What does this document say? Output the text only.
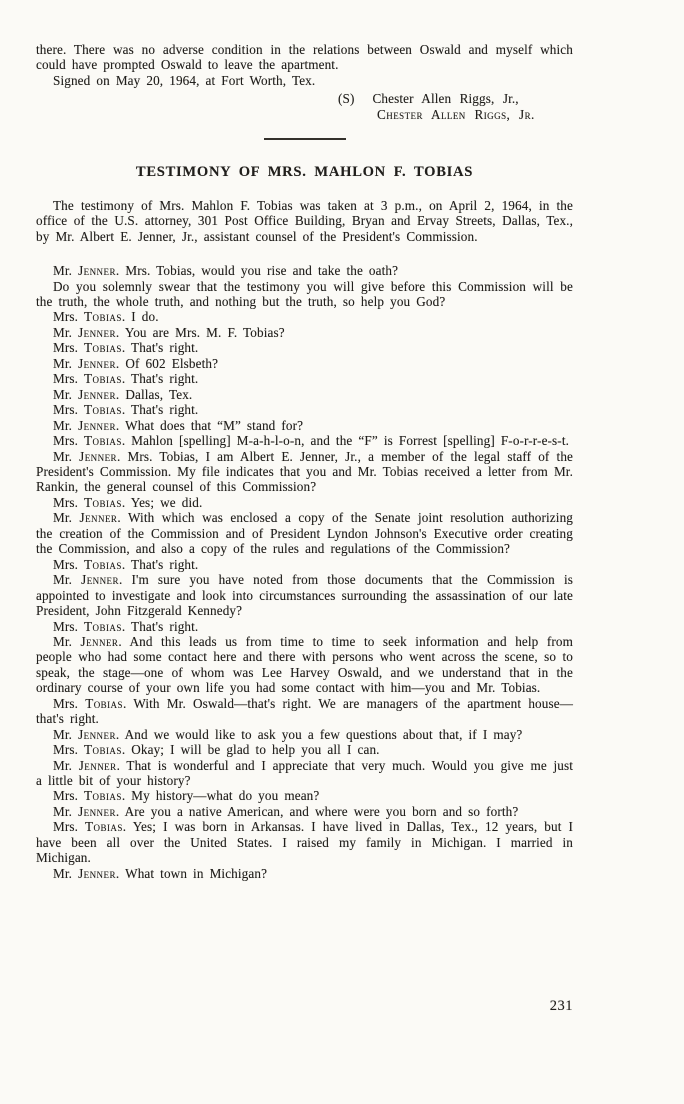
there. There was no adverse condition in the relations between Oswald and myself which could have prompted Oswald to leave the apartment.

Signed on May 20, 1964, at Fort Worth, Tex.

(S) Chester Allen Riggs, Jr.,
Chester Allen Riggs, Jr.

TESTIMONY OF MRS. MAHLON F. TOBIAS

The testimony of Mrs. Mahlon F. Tobias was taken at 3 p.m., on April 2, 1964, in the office of the U.S. attorney, 301 Post Office Building, Bryan and Ervay Streets, Dallas, Tex., by Mr. Albert E. Jenner, Jr., assistant counsel of the President's Commission.

Mr. Jenner. Mrs. Tobias, would you rise and take the oath?

Do you solemnly swear that the testimony you will give before this Commission will be the truth, the whole truth, and nothing but the truth, so help you God?

Mrs. Tobias. I do.

Mr. Jenner. You are Mrs. M. F. Tobias?

Mrs. Tobias. That's right.

Mr. Jenner. Of 602 Elsbeth?

Mrs. Tobias. That's right.

Mr. Jenner. Dallas, Tex.

Mrs. Tobias. That's right.

Mr. Jenner. What does that “M” stand for?

Mrs. Tobias. Mahlon [spelling] M-a-h-l-o-n, and the “F” is Forrest [spelling] F-o-r-r-e-s-t.

Mr. Jenner. Mrs. Tobias, I am Albert E. Jenner, Jr., a member of the legal staff of the President's Commission. My file indicates that you and Mr. Tobias received a letter from Mr. Rankin, the general counsel of this Commission?

Mrs. Tobias. Yes; we did.

Mr. Jenner. With which was enclosed a copy of the Senate joint resolution authorizing the creation of the Commission and of President Lyndon Johnson's Executive order creating the Commission, and also a copy of the rules and regulations of the Commission?

Mrs. Tobias. That's right.

Mr. Jenner. I'm sure you have noted from those documents that the Commission is appointed to investigate and look into circumstances surrounding the assassination of our late President, John Fitzgerald Kennedy?

Mrs. Tobias. That's right.

Mr. Jenner. And this leads us from time to time to seek information and help from people who had some contact here and there with persons who went across the scene, so to speak, the stage—one of whom was Lee Harvey Oswald, and we understand that in the ordinary course of your own life you had some contact with him—you and Mr. Tobias.

Mrs. Tobias. With Mr. Oswald—that's right. We are managers of the apartment house—that's right.

Mr. Jenner. And we would like to ask you a few questions about that, if I may?

Mrs. Tobias. Okay; I will be glad to help you all I can.

Mr. Jenner. That is wonderful and I appreciate that very much. Would you give me just a little bit of your history?

Mrs. Tobias. My history—what do you mean?

Mr. Jenner. Are you a native American, and where were you born and so forth?

Mrs. Tobias. Yes; I was born in Arkansas. I have lived in Dallas, Tex., 12 years, but I have been all over the United States. I raised my family in Michigan. I married in Michigan.

Mr. Jenner. What town in Michigan?

231
